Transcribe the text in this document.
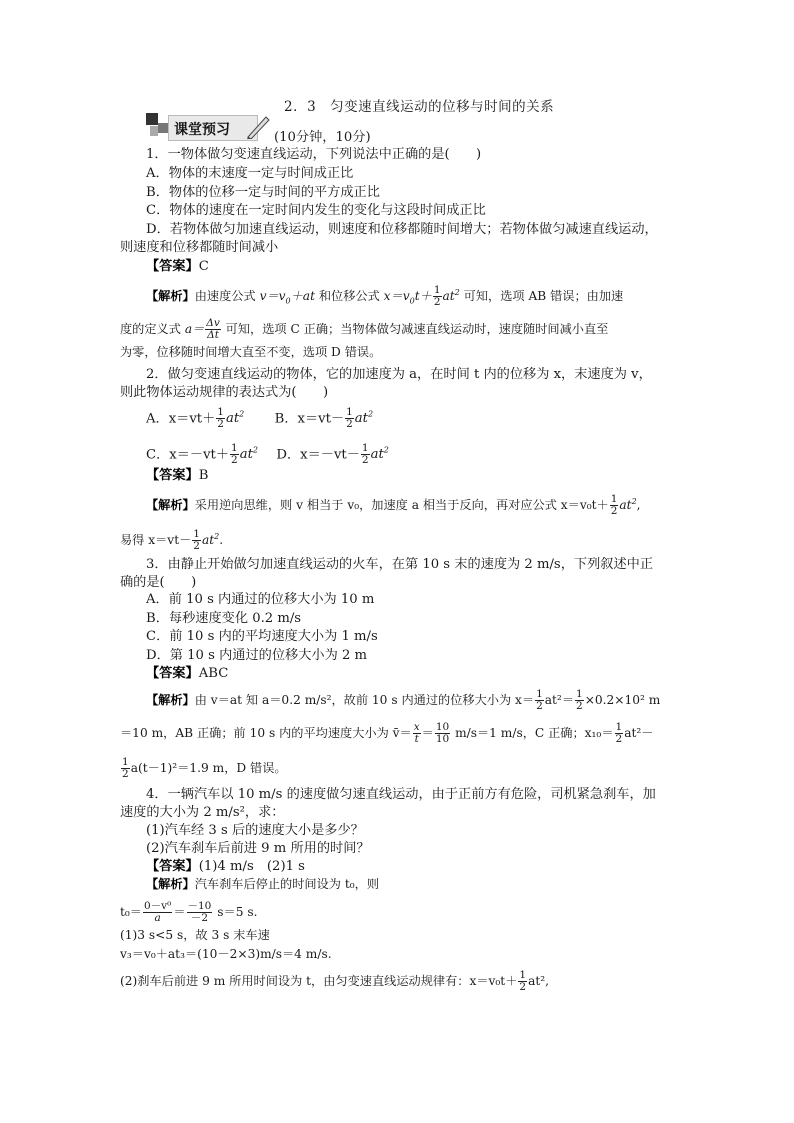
2．3　匀变速直线运动的位移与时间的关系
课堂预习	(10分钟，10分)
1．一物体做匀变速直线运动，下列说法中正确的是(　　)
A．物体的末速度一定与时间成正比
B．物体的位移一定与时间的平方成正比
C．物体的速度在一定时间内发生的变化与这段时间成正比
D．若物体做匀加速直线运动，则速度和位移都随时间增大；若物体做匀减速直线运动，
则速度和位移都随时间减小
【答案】C
【解析】由速度公式 $v=v_0+at$ 和位移公式 $x=v_0t+ \frac{1}{2} at^2$ 可知，选项 AB 错误；由加速
度的定义式 $a= \frac{\Delta v}{\Delta t}$ 可知，选项 C 正确；当物体做匀减速直线运动时，速度随时间减小直至
为零，位移随时间增大直至不变，选项 D 错误。
2．做匀变速直线运动的物体，它的加速度为 a，在时间 t 内的位移为 x，末速度为 v，
则此物体运动规律的表达式为(　　)
A．$x=vt+ \frac{1}{2} at^2$ B．$x=vt- \frac{1}{2} at^2$
C．$x=-vt+ \frac{1}{2} at^2$ D．$x=-vt- \frac{1}{2} at^2$
【答案】B
【解析】采用逆向思维，则 v 相当于 v₀，加速度 a 相当于反向，再对应公式 $x=v_0t+ \frac{1}{2} at^2$,
易得 $x=vt- \frac{1}{2} at^2$.
3．由静止开始做匀加速直线运动的火车，在第 10 s 末的速度为 2 m/s，下列叙述中正
确的是(　　)
A．前 10 s 内通过的位移大小为 10 m
B．每秒速度变化 0.2 m/s
C．前 10 s 内的平均速度大小为 1 m/s
D．第 10 s 内通过的位移大小为 2 m
【答案】ABC
【解析】由 v＝at 知 a＝0.2 m/s²，故前 10 s 内通过的位移大小为 $x= \frac{1}{2} at^2= \frac{1}{2} \times 0.2\times 10^2$ m
＝10 m，AB 正确；前 10 s 内的平均速度大小为 v̄＝ $\frac{x}{t} = \frac{10}{10} m/s=1$ m/s，C 正确；$x_{10}= \frac{1}{2} at^2-$
$\frac{1}{2} a(t-1)^2=1.9$ m，D 错误。
4．一辆汽车以 10 m/s 的速度做匀速直线运动，由于正前方有危险，司机紧急刹车，加
速度的大小为 2 m/s²，求：
(1)汽车经 3 s 后的速度大小是多少？
(2)汽车刹车后前进 9 m 所用的时间？
【答案】(1)4 m/s　(2)1 s
【解析】汽车刹车后停止的时间设为 t₀，则
$t_0= \frac{\text{0－v⁰}}{a} = \frac{-10}{-2} s=5$ s.
(1)3 s<5 s，故 3 s 末车速
v₃＝v₀＋at₃＝(10－2×3)m/s＝4 m/s.
(2)刹车后前进 9 m 所用时间设为 t，由匀变速直线运动规律有：$x=v_0t+ \frac{1}{2} at^2$,
